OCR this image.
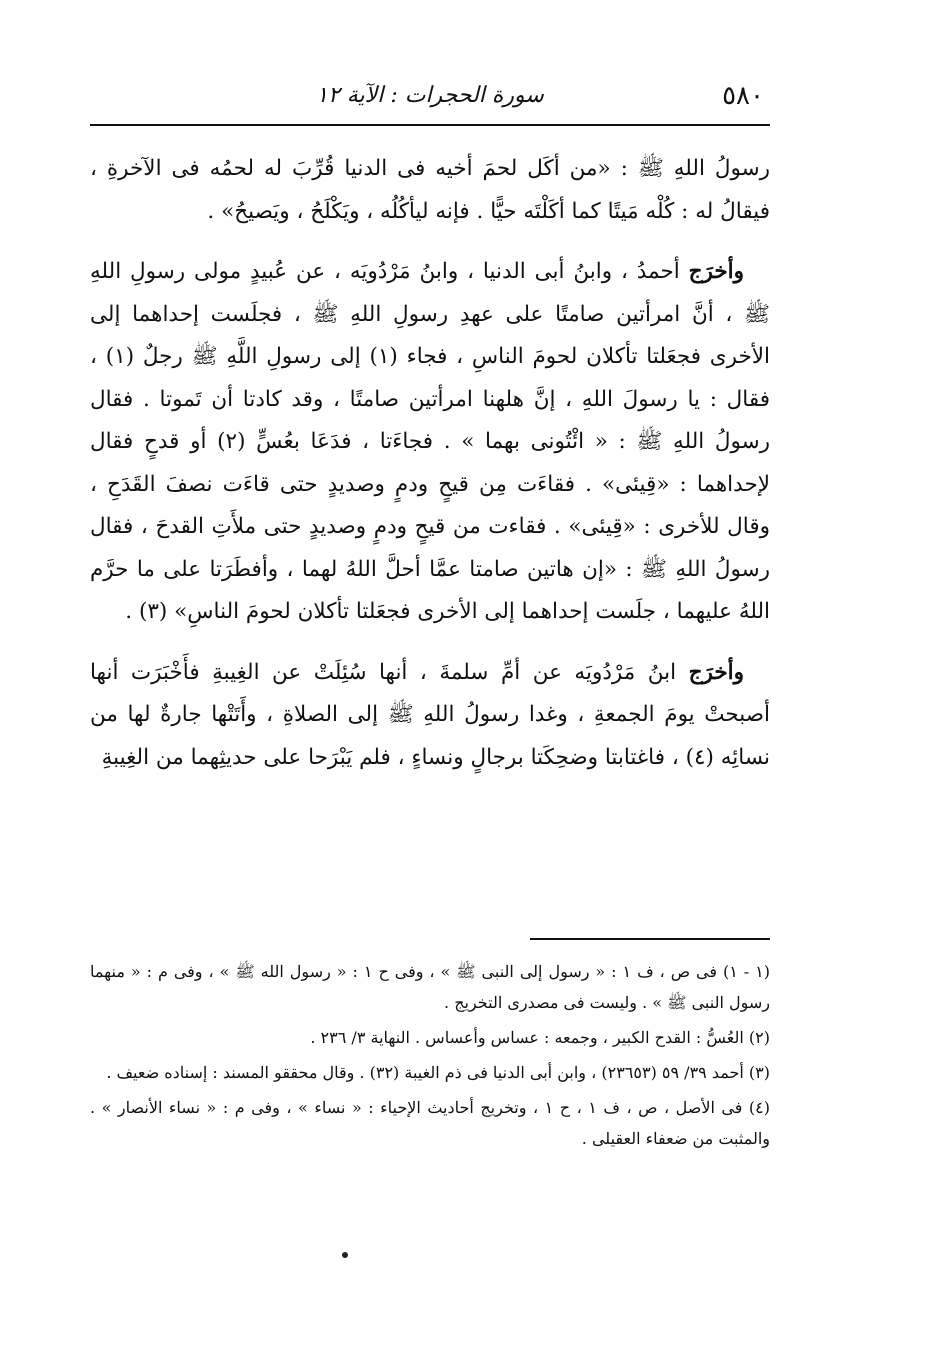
٥٨٠
سورة الحجرات : الآية ١٢

رسولُ اللهِ ﷺ : «من أكَل لحمَ أخيه فى الدنيا قُرِّبَ له لحمُه فى الآخرةِ ، فيقالُ له : كُلْه مَيتًا كما أكَلْتَه حيًّا . فإنه ليأكُلُه ، ويَكْلَحُ ، ويَصيحُ» .

وأخرَج أحمدُ ، وابنُ أبى الدنيا ، وابنُ مَرْدُويَه ، عن عُبيدٍ مولى رسولِ اللهِ ﷺ ، أنَّ امرأتين صامتًا على عهدِ رسولِ اللهِ ﷺ ، فجلَست إحداهما إلى الأخرى فجعَلتا تأكلان لحومَ الناسِ ، فجاء (١) إلى رسولِ اللَّهِ ﷺ رجلٌ (١) ، فقال : يا رسولَ اللهِ ، إنَّ هلهنا امرأتين صامتًا ، وقد كادتا أن تَموتا . فقال رسولُ اللهِ ﷺ : « ائْتُونى بهما » . فجاءَتا ، فدَعَا بعُسٍّ (٢) أو قدحٍ فقال لإحداهما : «قِيئى» . فقاءَت مِن قيحٍ ودمٍ وصديدٍ حتى قاءَت نصفَ القَدَحِ ، وقال للأخرى : «قِيئى» . فقاءت من قيحٍ ودمٍ وصديدٍ حتى ملأَتِ القدحَ ، فقال رسولُ اللهِ ﷺ : «إن هاتين صامتا عمَّا أحلَّ اللهُ لهما ، وأفطَرَتا على ما حرَّم اللهُ عليهما ، جلَست إحداهما إلى الأخرى فجعَلتا تأكلان لحومَ الناسِ» (٣) .

وأخرَج ابنُ مَرْدُويَه عن أمِّ سلمةَ ، أنها سُئِلَتْ عن الغِيبةِ فأَخْبَرَت أنها أصبحتْ يومَ الجمعةِ ، وغدا رسولُ اللهِ ﷺ إلى الصلاةِ ، وأَتَتْها جارةٌ لها من نسائِه (٤) ، فاغتابتا وضحِكَتا برجالٍ ونساءٍ ، فلم يَبْرَحا على حديثِهما من الغِيبةِ

(١ - ١) فى ص ، ف ١ : « رسول إلى النبى ﷺ » ، وفى ح ١ : « رسول الله ﷺ » ، وفى م : « منهما رسول النبى ﷺ » . وليست فى مصدرى التخريج .

(٢) العُسُّ : القدح الكبير ، وجمعه : عساس وأعساس . النهاية ٣/ ٢٣٦ .

(٣) أحمد ٣٩/ ٥٩ (٢٣٦٥٣) ، وابن أبى الدنيا فى ذم الغيبة (٣٢) . وقال محققو المسند : إسناده ضعيف .

(٤) فى الأصل ، ص ، ف ١ ، ح ١ ، وتخريج أحاديث الإحياء : « نساء » ، وفى م : « نساء الأنصار » . والمثبت من ضعفاء العقيلى .
